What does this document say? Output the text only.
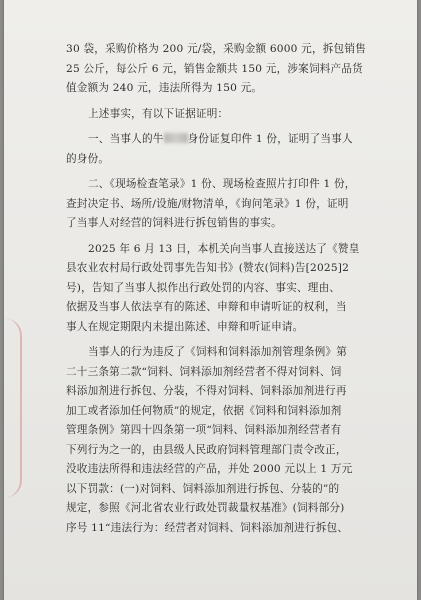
30 袋，采购价格为 200 元/袋，采购金额 6000 元，拆包销售
25 公斤，每公斤 6 元，销售金额共 150 元，涉案饲料产品货
值金额为 240 元，违法所得为 150 元。
上述事实，有以下证据证明：
一、当事人的牛 身份证复印件 1 份，证明了当事人
的身份。
二、《现场检查笔录》1 份、现场检查照片打印件 1 份，
查封决定书、场所/设施/财物清单，《询问笔录》1 份，证明
了当事人对经营的饲料进行拆包销售的事实。
2025 年 6 月 13 日，本机关向当事人直接送达了《赞皇
县农业农村局行政处罚事先告知书》(赞农(饲料)告[2025]2
号)，告知了当事人拟作出行政处罚的内容、事实、理由、
依据及当事人依法享有的陈述、申辩和申请听证的权利，当
事人在规定期限内未提出陈述、申辩和听证申请。
当事人的行为违反了《饲料和饲料添加剂管理条例》第
二十三条第二款“饲料、饲料添加剂经营者不得对饲料、饲
料添加剂进行拆包、分装，不得对饲料、饲料添加剂进行再
加工或者添加任何物质”的规定，依据《饲料和饲料添加剂
管理条例》第四十四条第一项“饲料、饲料添加剂经营者有
下列行为之一的，由县级人民政府饲料管理部门责令改正，
没收违法所得和违法经营的产品，并处 2000 元以上 1 万元
以下罚款：(一)对饲料、饲料添加剂进行拆包、分装的”的
规定，参照《河北省农业行政处罚裁量权基准》(饲料部分)
序号 11“违法行为：经营者对饲料、饲料添加剂进行拆包、
